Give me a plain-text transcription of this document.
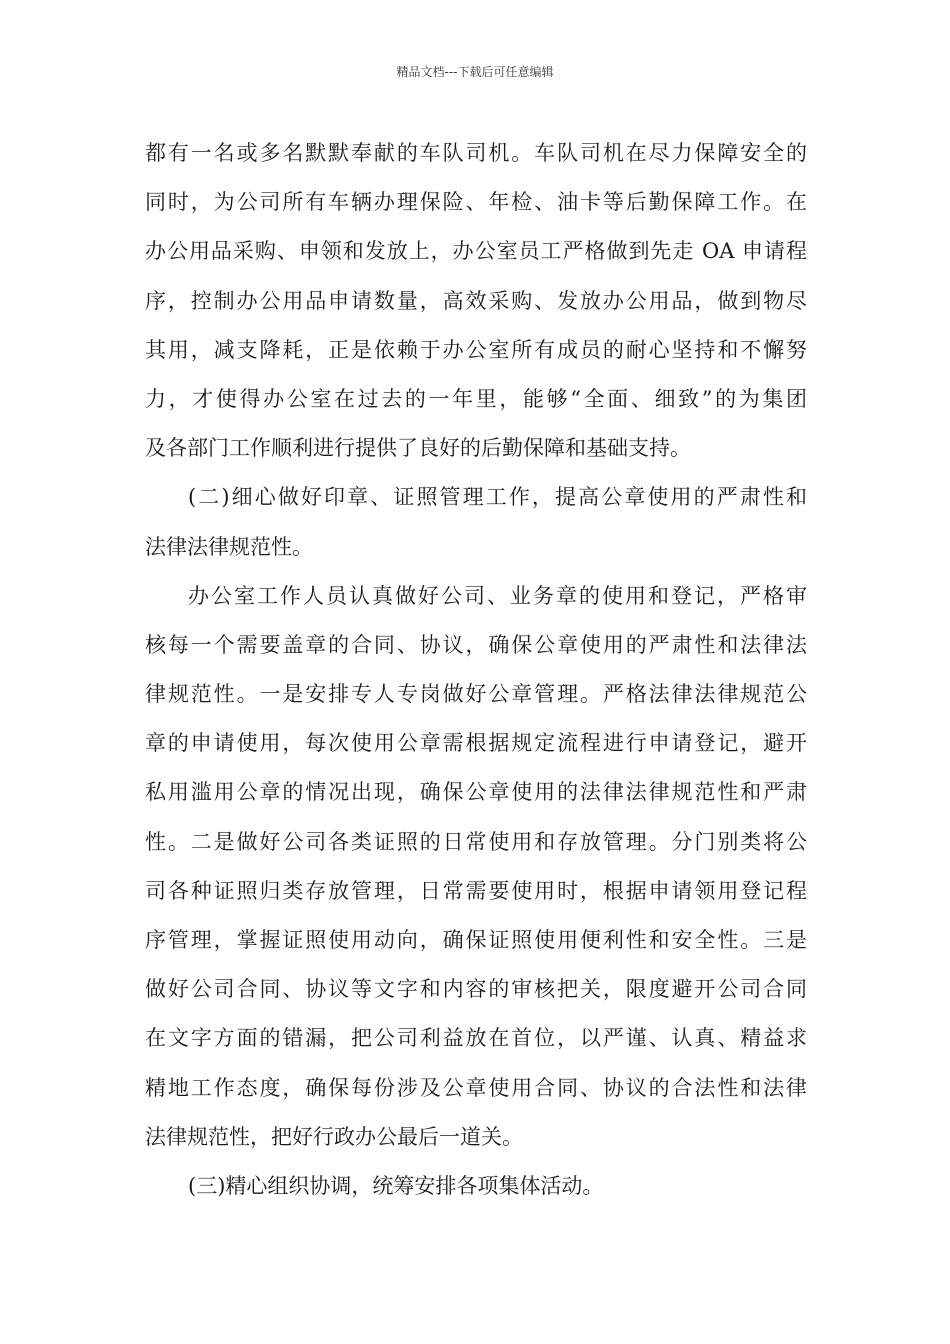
精品文档---下载后可任意编辑
都有一名或多名默默奉献的车队司机。车队司机在尽力保障安全的
同时，为公司所有车辆办理保险、年检、油卡等后勤保障工作。在
办公用品采购、申领和发放上，办公室员工严格做到先走 OA 申请程
序，控制办公用品申请数量，高效采购、发放办公用品，做到物尽
其用，减支降耗，正是依赖于办公室所有成员的耐心坚持和不懈努
力，才使得办公室在过去的一年里，能够“全面、细致”的为集团
及各部门工作顺利进行提供了良好的后勤保障和基础支持。
(二)细心做好印章、证照管理工作，提高公章使用的严肃性和
法律法律规范性。
办公室工作人员认真做好公司、业务章的使用和登记，严格审
核每一个需要盖章的合同、协议，确保公章使用的严肃性和法律法
律规范性。一是安排专人专岗做好公章管理。严格法律法律规范公
章的申请使用，每次使用公章需根据规定流程进行申请登记，避开
私用滥用公章的情况出现，确保公章使用的法律法律规范性和严肃
性。二是做好公司各类证照的日常使用和存放管理。分门别类将公
司各种证照归类存放管理，日常需要使用时，根据申请领用登记程
序管理，掌握证照使用动向，确保证照使用便利性和安全性。三是
做好公司合同、协议等文字和内容的审核把关，限度避开公司合同
在文字方面的错漏，把公司利益放在首位，以严谨、认真、精益求
精地工作态度，确保每份涉及公章使用合同、协议的合法性和法律
法律规范性，把好行政办公最后一道关。
(三)精心组织协调，统筹安排各项集体活动。
